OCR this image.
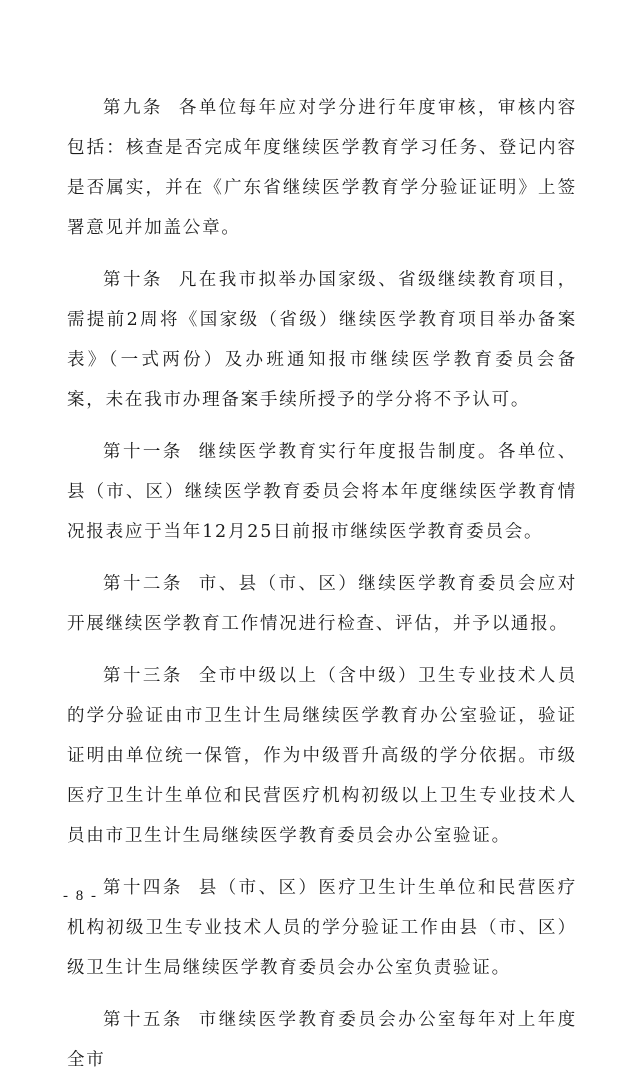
第九条 各单位每年应对学分进行年度审核，审核内容包括：核查是否完成年度继续医学教育学习任务、登记内容是否属实，并在《广东省继续医学教育学分验证证明》上签署意见并加盖公章。

第十条 凡在我市拟举办国家级、省级继续教育项目，需提前2周将《国家级（省级）继续医学教育项目举办备案表》（一式两份）及办班通知报市继续医学教育委员会备案，未在我市办理备案手续所授予的学分将不予认可。

第十一条 继续医学教育实行年度报告制度。各单位、县（市、区）继续医学教育委员会将本年度继续医学教育情况报表应于当年12月25日前报市继续医学教育委员会。

第十二条 市、县（市、区）继续医学教育委员会应对开展继续医学教育工作情况进行检查、评估，并予以通报。

第十三条 全市中级以上（含中级）卫生专业技术人员的学分验证由市卫生计生局继续医学教育办公室验证，验证证明由单位统一保管，作为中级晋升高级的学分依据。市级医疗卫生计生单位和民营医疗机构初级以上卫生专业技术人员由市卫生计生局继续医学教育委员会办公室验证。

第十四条 县（市、区）医疗卫生计生单位和民营医疗机构初级卫生专业技术人员的学分验证工作由县（市、区）级卫生计生局继续医学教育委员会办公室负责验证。

第十五条 市继续医学教育委员会办公室每年对上年度全市

- 8 -
